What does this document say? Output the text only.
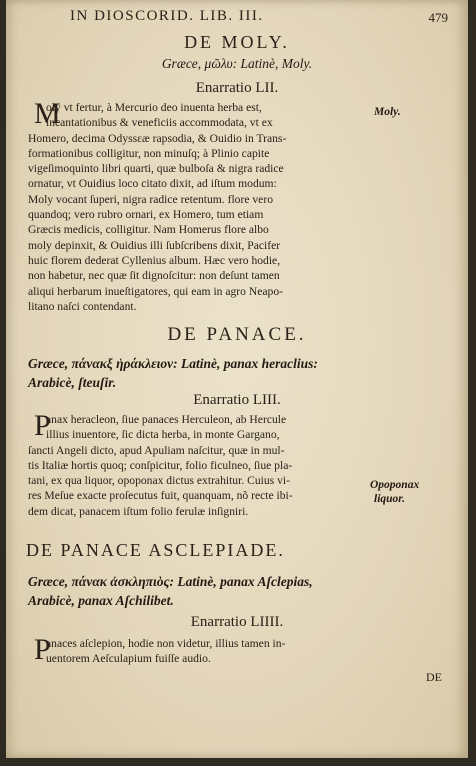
IN DIOSCORID. LIB. III.	479
DE MOLY.
Græce, μῶλυ: Latinè, Moly.
Enarratio LII.
M
oly vt fertur, à Mercurio deo inuenta herba est,
incantationibus & veneficiis accommodata, vt ex
Homero, decima Odyssεæ rapsodia, & Ouidio in Trans-
formationibus colligitur, non minuſq; à Plinio capite
vigeſimoquinto libri quarti, quæ bulboſa & nigra radice
ornatur, vt Ouidius loco citato dixit, ad iſtum modum:
Moly vocant ſuperi, nigra radice retentum. flore vero
quandoq; vero rubro ornari, ex Homero, tum etiam
Græcis medicis, colligitur. Nam Homerus flore albo
moly depinxit, & Ouidius illi ſubſcribens dixit, Pacifer
huic florem dederat Cyllenius album. Hæc vero hodie,
non habetur, nec quæ ſit dignoſcitur: non deſunt tamen
aliqui herbarum inueſtigatores, qui eam in agro Neapo-
litano naſci contendant.
Moly.
DE PANACE.
Græce, πάνακξ ἡράκλειον: Latinè, panax heraclius:
Arabicè, ſteuſir.
Enarratio LIII.
P
anax heracleon, ſiue panaces Herculeon, ab Hercule
illius inuentore, ſic dicta herba, in monte Gargano,
ſancti Angeli dicto, apud Apuliam naſcitur, quæ in mul-
tis Italiæ hortis quoq; conſpicitur, folio ficulneo, ſiue pla-
tani, ex qua liquor, opoponax dictus extrahitur. Cuius vi-
res Meſue exacte proſecutus fuit, quanquam, nõ recte ibi-
dem dicat, panacem iſtum folio ferulæ inſigniri.
Opoponax
liquor.
DE PANACE ASCLEPIADE.
Græce, πάνακ ἀσκληπιὸς: Latinè, panax Aſclepias,
Arabicè, panax Aſchilibet.
Enarratio LIIII.
P
anaces aſclepion, hodie non videtur, illius tamen in-
uentorem Aeſculapium fuiſſe audio.
DE
